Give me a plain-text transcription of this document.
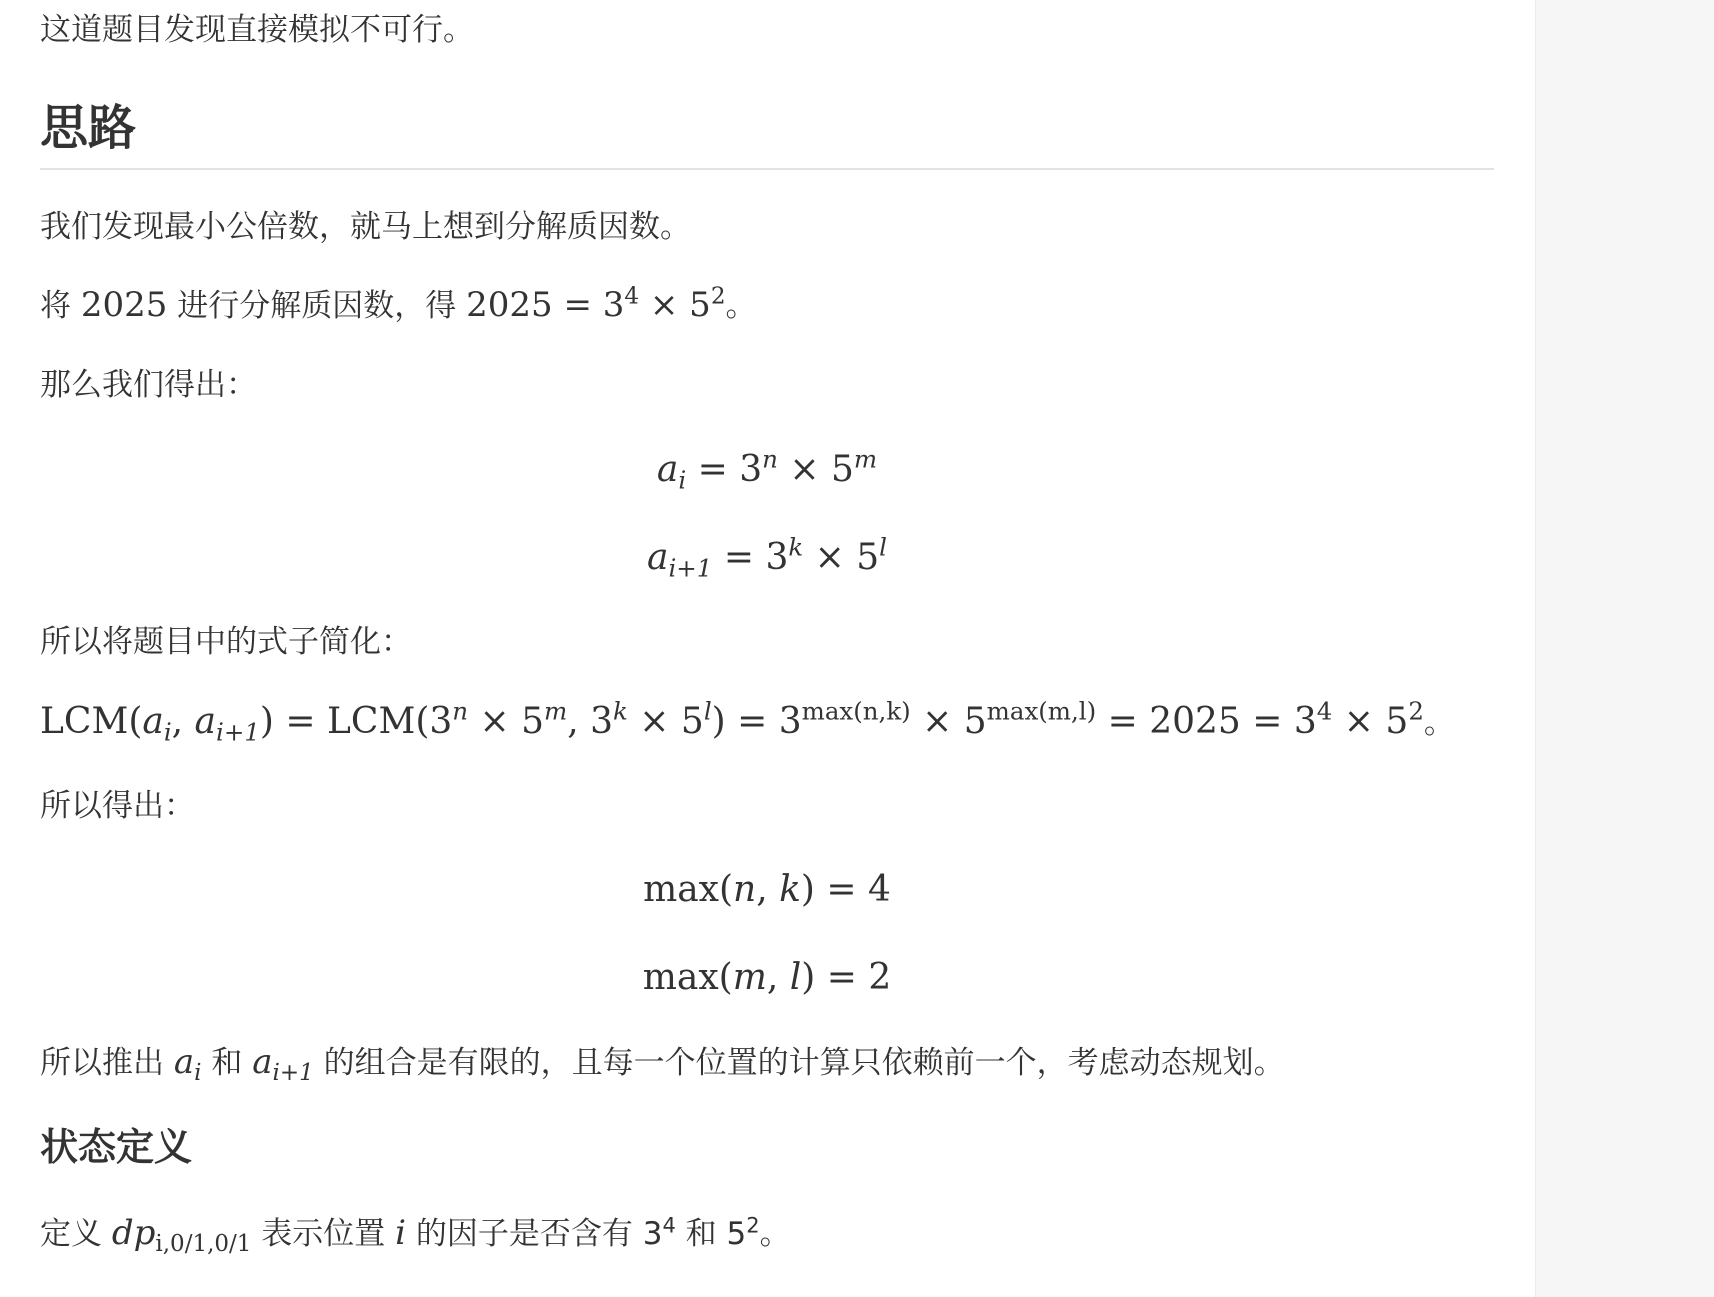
这道题目发现直接模拟不可行。
思路
我们发现最小公倍数，就马上想到分解质因数。
将 2025 进行分解质因数，得 $2025 = 3^4 \times 5^2$。
那么我们得出：
$a_i = 3^n \times 5^m$
$a_{i+1} = 3^k \times 5^l$
所以将题目中的式子简化：
$LCM(a_i$, $a_{i+1}) = LCM(3^n \times 5^m$, $3^k \times 5^l) = 3^{max(n,k)} \times 5^{max(m,l)} = 2025 = 3^4 \times 5^2$。
所以得出：
max(n, k) = 4
max(m, l) = 2
所以推出 $a_i$ 和 $a_{i+1}$ 的组合是有限的，且每一个位置的计算只依赖前一个，考虑动态规划。
状态定义
定义 $dp_{i,0/1,0/1}$ 表示位置 i 的因子是否含有 $3^4$ 和 $5^2$。
